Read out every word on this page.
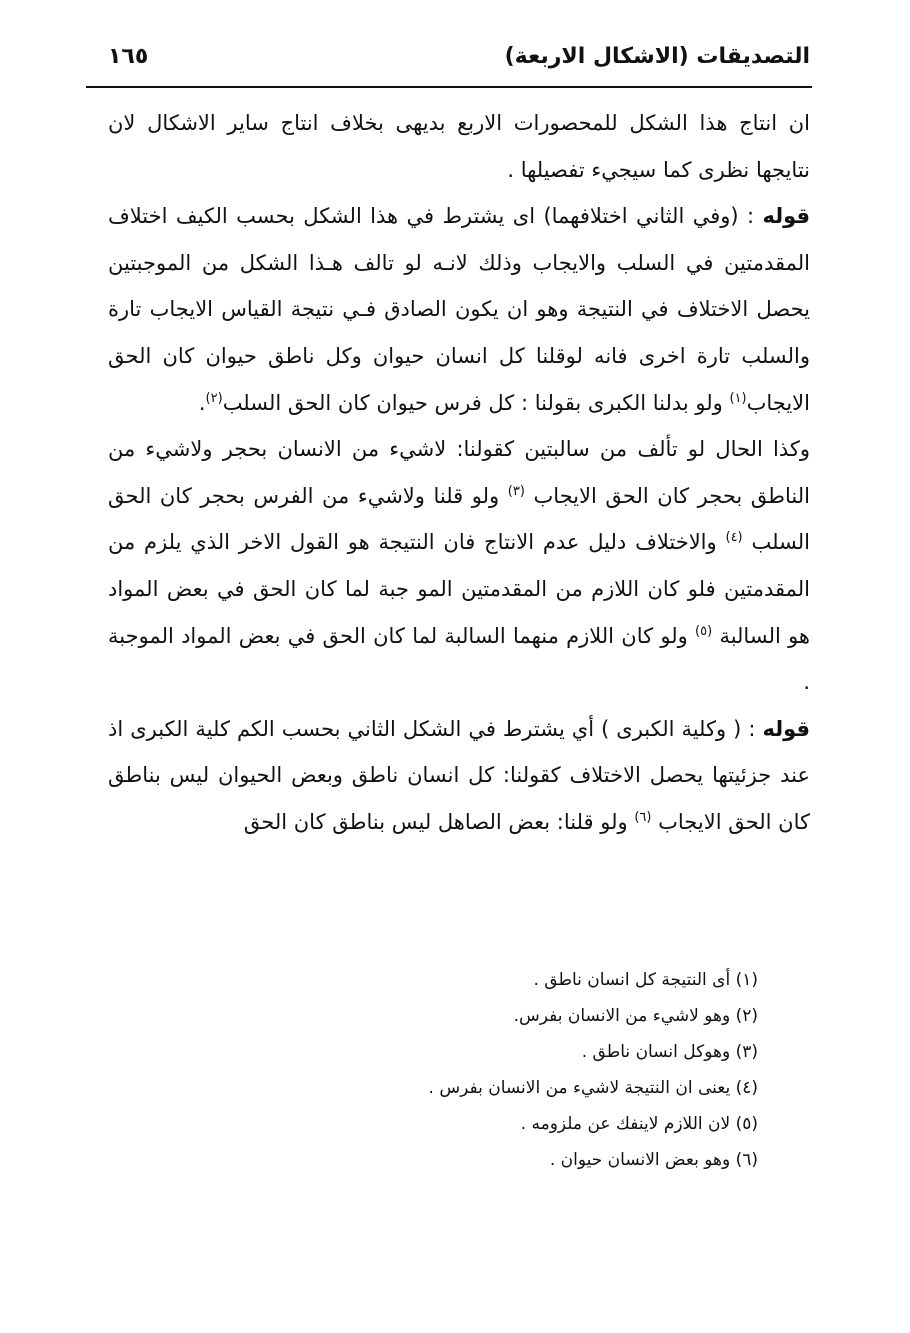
١٦٥	التصديقات (الاشكال الاربعة)

ان انتاج هذا الشكل للمحصورات الاربع بديهى بخلاف انتاج ساير الاشكال لان نتايجها نظرى كما سيجيء تفصيلها .

قوله : (وفي الثاني اختلافهما) اى يشترط في هذا الشكل بحسب الكيف اختلاف المقدمتين في السلب والايجاب وذلك لانـه لو تالف هـذا الشكل من الموجبتين يحصل الاختلاف في النتيجة وهو ان يكون الصادق فـي نتيجة القياس الايجاب تارة والسلب تارة اخرى فانه لوقلنا كل انسان حيوان وكل ناطق حيوان كان الحق الايجاب$^{(١)}$ ولو بدلنا الكبرى بقولنا : كل فرس حيوان كان الحق السلب$^{(٢)}$.

وكذا الحال لو تألف من سالبتين كقولنا: لاشيء من الانسان بحجر ولاشيء من الناطق بحجر كان الحق الايجاب $^{(٣)}$ ولو قلنا ولاشيء من الفرس بحجر كان الحق السلب $^{(٤)}$ والاختلاف دليل عدم الانتاج فان النتيجة هو القول الاخر الذي يلزم من المقدمتين فلو كان اللازم من المقدمتين المو جبة لما كان الحق في بعض المواد هو السالبة $^{(٥)}$ ولو كان اللازم منهما السالبة لما كان الحق في بعض المواد الموجبة .

قوله : ( وكلية الكبرى ) أي يشترط في الشكل الثاني بحسب الكم كلية الكبرى اذ عند جزئيتها يحصل الاختلاف كقولنا: كل انسان ناطق وبعض الحيوان ليس بناطق كان الحق الايجاب $^{(٦)}$ ولو قلنا: بعض الصاهل ليس بناطق كان الحق

(١) أى النتيجة كل انسان ناطق .

(٢) وهو لاشيء من الانسان بفرس.

(٣) وهوكل انسان ناطق .

(٤) يعنى ان النتيجة لاشيء من الانسان بفرس .

(٥) لان اللازم لاينفك عن ملزومه .

(٦) وهو بعض الانسان حيوان .
